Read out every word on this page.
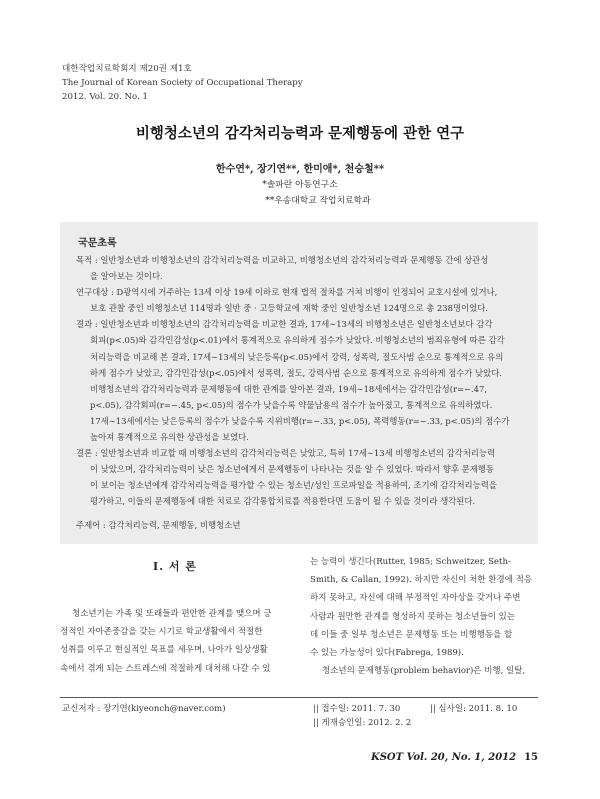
대한작업치료학회지 제20권 제1호
The Journal of Korean Society of Occupational Therapy
2012. Vol. 20. No. 1
비행청소년의 감각처리능력과 문제행동에 관한 연구
한수연*, 장기연**, 한미애*, 천승철**
*솔파란 아동연구소
**우송대학교 작업치료학과
국문초록
목적 : 일반청소년과 비행청소년의 감각처리능력을 비교하고, 비행청소년의 감각처리능력과 문제행동 간에 상관성
을 알아보는 것이다.
연구대상 : D광역시에 거주하는 13세 이상 19세 이하로 현재 법적 절차를 거쳐 비행이 인정되어 교호시설에 있거나,
보호 관찰 중인 비행청소년 114명과 일반 중 · 고등학교에 재학 중인 일반청소년 124명으로 총 238명이었다.
결과 : 일반청소년과 비행청소년의 감각처리능력을 비교한 결과, 17세∼13세의 비행청소년은 일반청소년보다 감각
회피(p<.05)와 감각민감성(p<.01)에서 통계적으로 유의하게 점수가 낮았다. 비행청소년의 범죄유형에 따른 감각
처리능력을 비교해 본 결과, 17세∼13세의 낮은등록(p<.05)에서 강력, 성폭력, 절도사범 순으로 통계적으로 유의
하게 점수가 낮았고, 감각민감성(p<.05)에서 성폭력, 절도, 강력사범 순으로 통계적으로 유의하게 점수가 낮았다.
비행청소년의 감각처리능력과 문제행동에 대한 관계를 알아본 결과, 19세∼18세에서는 감각민감성(r=−.47,
p<.05), 감각회피(r=−.45, p<.05)의 점수가 낮을수록 약물남용의 점수가 높아졌고, 통계적으로 유의하였다.
17세∼13세에서는 낮은등록의 점수가 낮을수록 지위비행(r=−.33, p<.05), 폭력행동(r=−.33, p<.05)의 점수가
높아져 통계적으로 유의한 상관성을 보였다.
결론 : 일반청소년과 비교할 때 비행청소년의 감각처리능력은 낮았고, 특히 17세∼13세 비행청소년의 감각처리능력
이 낮았으며, 감각처리능력이 낮은 청소년에게서 문제행동이 나타나는 것을 알 수 있었다. 따라서 향후 문제행동
이 보이는 청소년에게 감각처리능력을 평가할 수 있는 청소년/성인 프로파일을 적용하여, 조기에 감각처리능력을
평가하고, 이들의 문제행동에 대한 치료로 감각통합치료를 적용한다면 도움이 될 수 있을 것이라 생각된다.
주제어 : 감각처리능력, 문제행동, 비행청소년
Ⅰ. 서 론
청소년기는 가족 및 또래들과 편안한 관계를 맺으며 긍
정적인 자아존중감을 갖는 시기로 학교생활에서 적절한
성취를 이루고 현실적인 목표를 세우며, 나아가 일상생활
속에서 겪게 되는 스트레스에 적절하게 대처해 나갈 수 있
는 능력이 생긴다(Rutter, 1985; Schweitzer, Seth-
Smith, & Callan, 1992). 하지만 자신이 처한 환경에 적응
하지 못하고, 자신에 대해 부정적인 자아상을 갖거나 주변
사람과 원만한 관계를 형성하지 못하는 청소년들이 있는
데 이들 중 일부 청소년은 문제행동 또는 비행행동을 할
수 있는 가능성이 있다(Fabrega, 1989).
청소년의 문제행동(problem behavior)은 비행, 일탈,
교신저자 : 장기연(kiyeonch@naver.com)	|| 접수일: 2011. 7. 30	|| 심사일: 2011. 8. 10
|| 게재승인일: 2012. 2. 2
KSOT Vol. 20, No. 1, 2012 15
